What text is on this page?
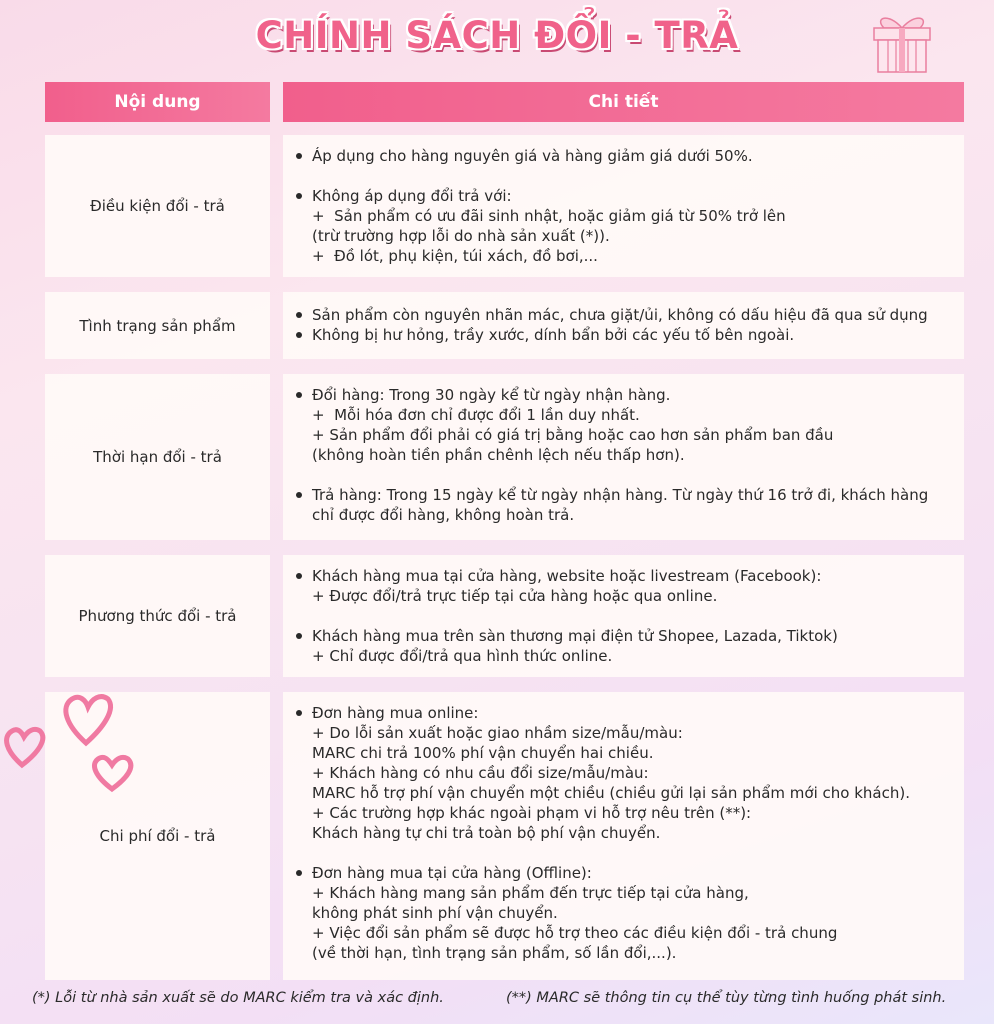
CHÍNH SÁCH ĐỔI - TRẢ
Nội dung	Chi tiết
Điều kiện đổi - trả
Áp dụng cho hàng nguyên giá và hàng giảm giá dưới 50%.
Không áp dụng đổi trả với:
+  Sản phẩm có ưu đãi sinh nhật, hoặc giảm giá từ 50% trở lên
(trừ trường hợp lỗi do nhà sản xuất (*)).
+  Đồ lót, phụ kiện, túi xách, đồ bơi,...
Tình trạng sản phẩm
Sản phẩm còn nguyên nhãn mác, chưa giặt/ủi, không có dấu hiệu đã qua sử dụng
Không bị hư hỏng, trầy xước, dính bẩn bởi các yếu tố bên ngoài.
Thời hạn đổi - trả
Đổi hàng: Trong 30 ngày kể từ ngày nhận hàng.
+  Mỗi hóa đơn chỉ được đổi 1 lần duy nhất.
+ Sản phẩm đổi phải có giá trị bằng hoặc cao hơn sản phẩm ban đầu
(không hoàn tiền phần chênh lệch nếu thấp hơn).
Trả hàng: Trong 15 ngày kể từ ngày nhận hàng. Từ ngày thứ 16 trở đi, khách hàng
chỉ được đổi hàng, không hoàn trả.
Phương thức đổi - trả
Khách hàng mua tại cửa hàng, website hoặc livestream (Facebook):
+ Được đổi/trả trực tiếp tại cửa hàng hoặc qua online.
Khách hàng mua trên sàn thương mại điện tử Shopee, Lazada, Tiktok)
+ Chỉ được đổi/trả qua hình thức online.
Chi phí đổi - trả
Đơn hàng mua online:
+ Do lỗi sản xuất hoặc giao nhầm size/mẫu/màu:
MARC chi trả 100% phí vận chuyển hai chiều.
+ Khách hàng có nhu cầu đổi size/mẫu/màu:
MARC hỗ trợ phí vận chuyển một chiều (chiều gửi lại sản phẩm mới cho khách).
+ Các trường hợp khác ngoài phạm vi hỗ trợ nêu trên (**):
Khách hàng tự chi trả toàn bộ phí vận chuyển.
Đơn hàng mua tại cửa hàng (Offline):
+ Khách hàng mang sản phẩm đến trực tiếp tại cửa hàng,
không phát sinh phí vận chuyển.
+ Việc đổi sản phẩm sẽ được hỗ trợ theo các điều kiện đổi - trả chung
(về thời hạn, tình trạng sản phẩm, số lần đổi,...).
(*) Lỗi từ nhà sản xuất sẽ do MARC kiểm tra và xác định.	(**) MARC sẽ thông tin cụ thể tùy từng tình huống phát sinh.
